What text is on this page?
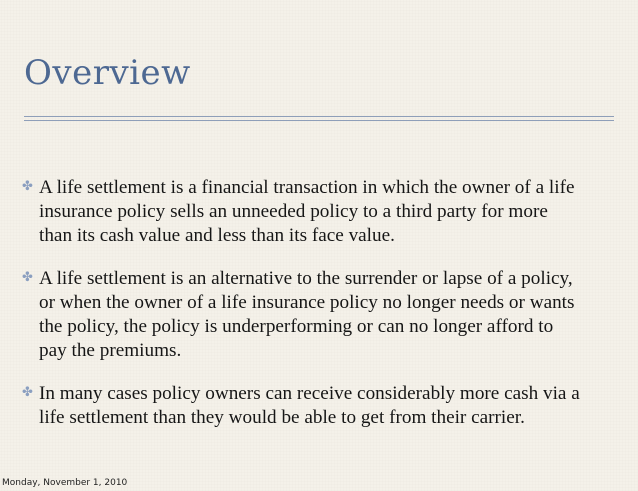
Overview
✤ A life settlement is a financial transaction in which the owner of a life
insurance policy sells an unneeded policy to a third party for more
than its cash value and less than its face value.
✤ A life settlement is an alternative to the surrender or lapse of a policy,
or when the owner of a life insurance policy no longer needs or wants
the policy, the policy is underperforming or can no longer afford to
pay the premiums.
✤ In many cases policy owners can receive considerably more cash via a
life settlement than they would be able to get from their carrier.
Monday, November 1, 2010
